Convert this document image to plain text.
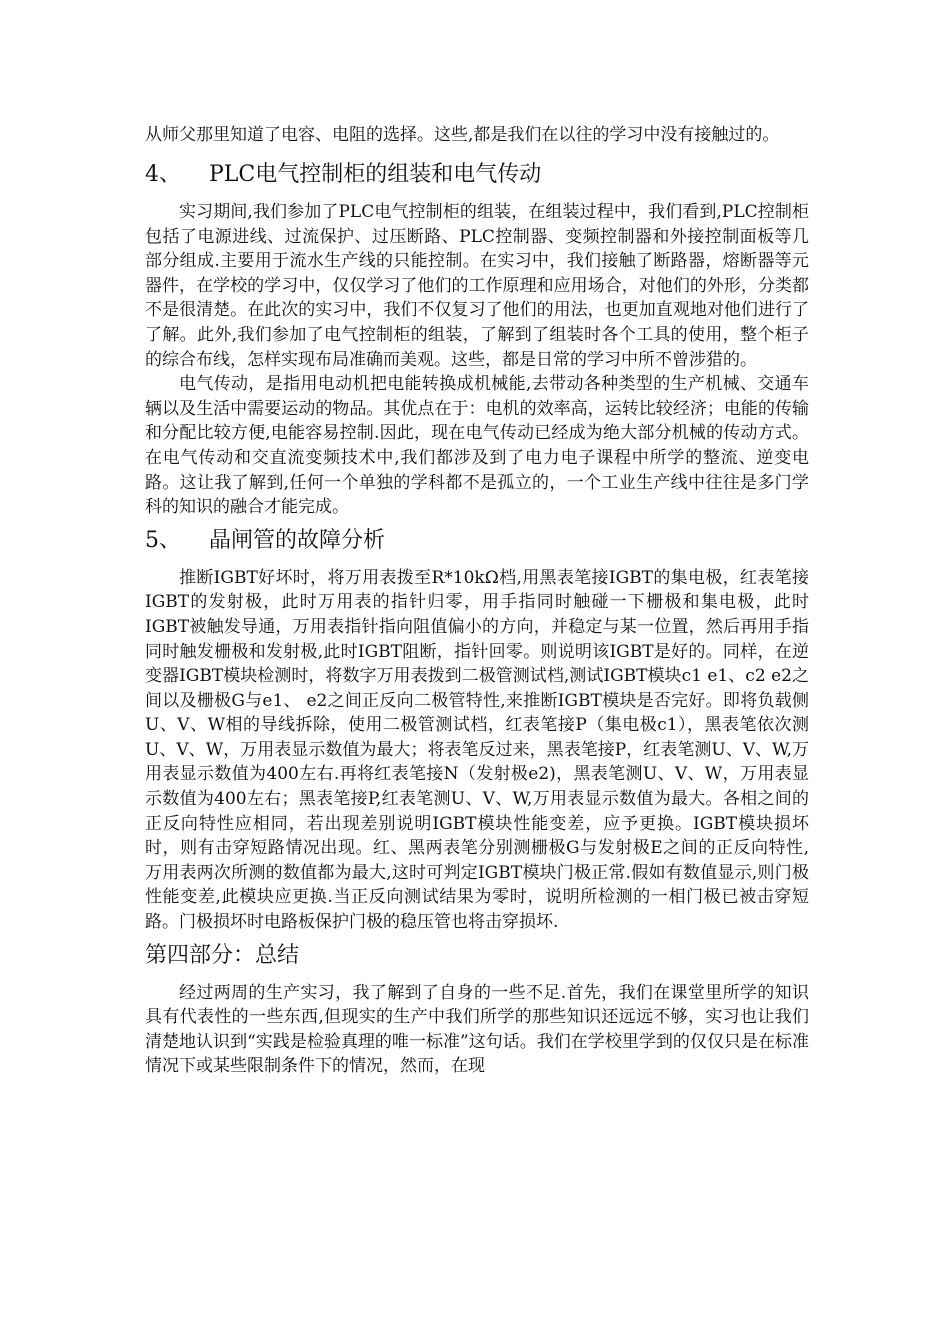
从师父那里知道了电容、电阻的选择。这些,都是我们在以往的学习中没有接触过的。

4、	PLC电气控制柜的组装和电气传动

实习期间,我们参加了PLC电气控制柜的组装，在组装过程中，我们看到,PLC控制柜包括了电源进线、过流保护、过压断路、PLC控制器、变频控制器和外接控制面板等几部分组成.主要用于流水生产线的只能控制。在实习中，我们接触了断路器，熔断器等元器件，在学校的学习中，仅仅学习了他们的工作原理和应用场合，对他们的外形，分类都不是很清楚。在此次的实习中，我们不仅复习了他们的用法，也更加直观地对他们进行了了解。此外,我们参加了电气控制柜的组装，了解到了组装时各个工具的使用，整个柜子的综合布线，怎样实现布局准确而美观。这些，都是日常的学习中所不曾涉猎的。

电气传动，是指用电动机把电能转换成机械能,去带动各种类型的生产机械、交通车辆以及生活中需要运动的物品。其优点在于：电机的效率高，运转比较经济；电能的传输和分配比较方便,电能容易控制.因此，现在电气传动已经成为绝大部分机械的传动方式。在电气传动和交直流变频技术中,我们都涉及到了电力电子课程中所学的整流、逆变电路。这让我了解到,任何一个单独的学科都不是孤立的，一个工业生产线中往往是多门学科的知识的融合才能完成。

5、	晶闸管的故障分析

推断IGBT好坏时，将万用表拨至R*10kΩ档,用黑表笔接IGBT的集电极，红表笔接IGBT的发射极，此时万用表的指针归零，用手指同时触碰一下栅极和集电极，此时IGBT被触发导通，万用表指针指向阻值偏小的方向，并稳定与某一位置，然后再用手指同时触发栅极和发射极,此时IGBT阻断，指针回零。则说明该IGBT是好的。同样，在逆变器IGBT模块检测时，将数字万用表拨到二极管测试档,测试IGBT模块c1 e1、c2 e2之间以及栅极G与e1、 e2之间正反向二极管特性,来推断IGBT模块是否完好。即将负载侧U、V、W相的导线拆除，使用二极管测试档，红表笔接P（集电极c1），黑表笔依次测U、V、W，万用表显示数值为最大；将表笔反过来，黑表笔接P，红表笔测U、V、W,万用表显示数值为400左右.再将红表笔接N（发射极e2)，黑表笔测U、V、W，万用表显示数值为400左右；黑表笔接P,红表笔测U、V、W,万用表显示数值为最大。各相之间的正反向特性应相同，若出现差别说明IGBT模块性能变差，应予更换。IGBT模块损坏时，则有击穿短路情况出现。红、黑两表笔分别测栅极G与发射极E之间的正反向特性, 万用表两次所测的数值都为最大,这时可判定IGBT模块门极正常.假如有数值显示,则门极性能变差,此模块应更换.当正反向测试结果为零时，说明所检测的一相门极已被击穿短路。门极损坏时电路板保护门极的稳压管也将击穿损坏.

第四部分：总结

经过两周的生产实习，我了解到了自身的一些不足.首先，我们在课堂里所学的知识具有代表性的一些东西,但现实的生产中我们所学的那些知识还远远不够，实习也让我们清楚地认识到“实践是检验真理的唯一标准”这句话。我们在学校里学到的仅仅只是在标准情况下或某些限制条件下的情况，然而，在现
